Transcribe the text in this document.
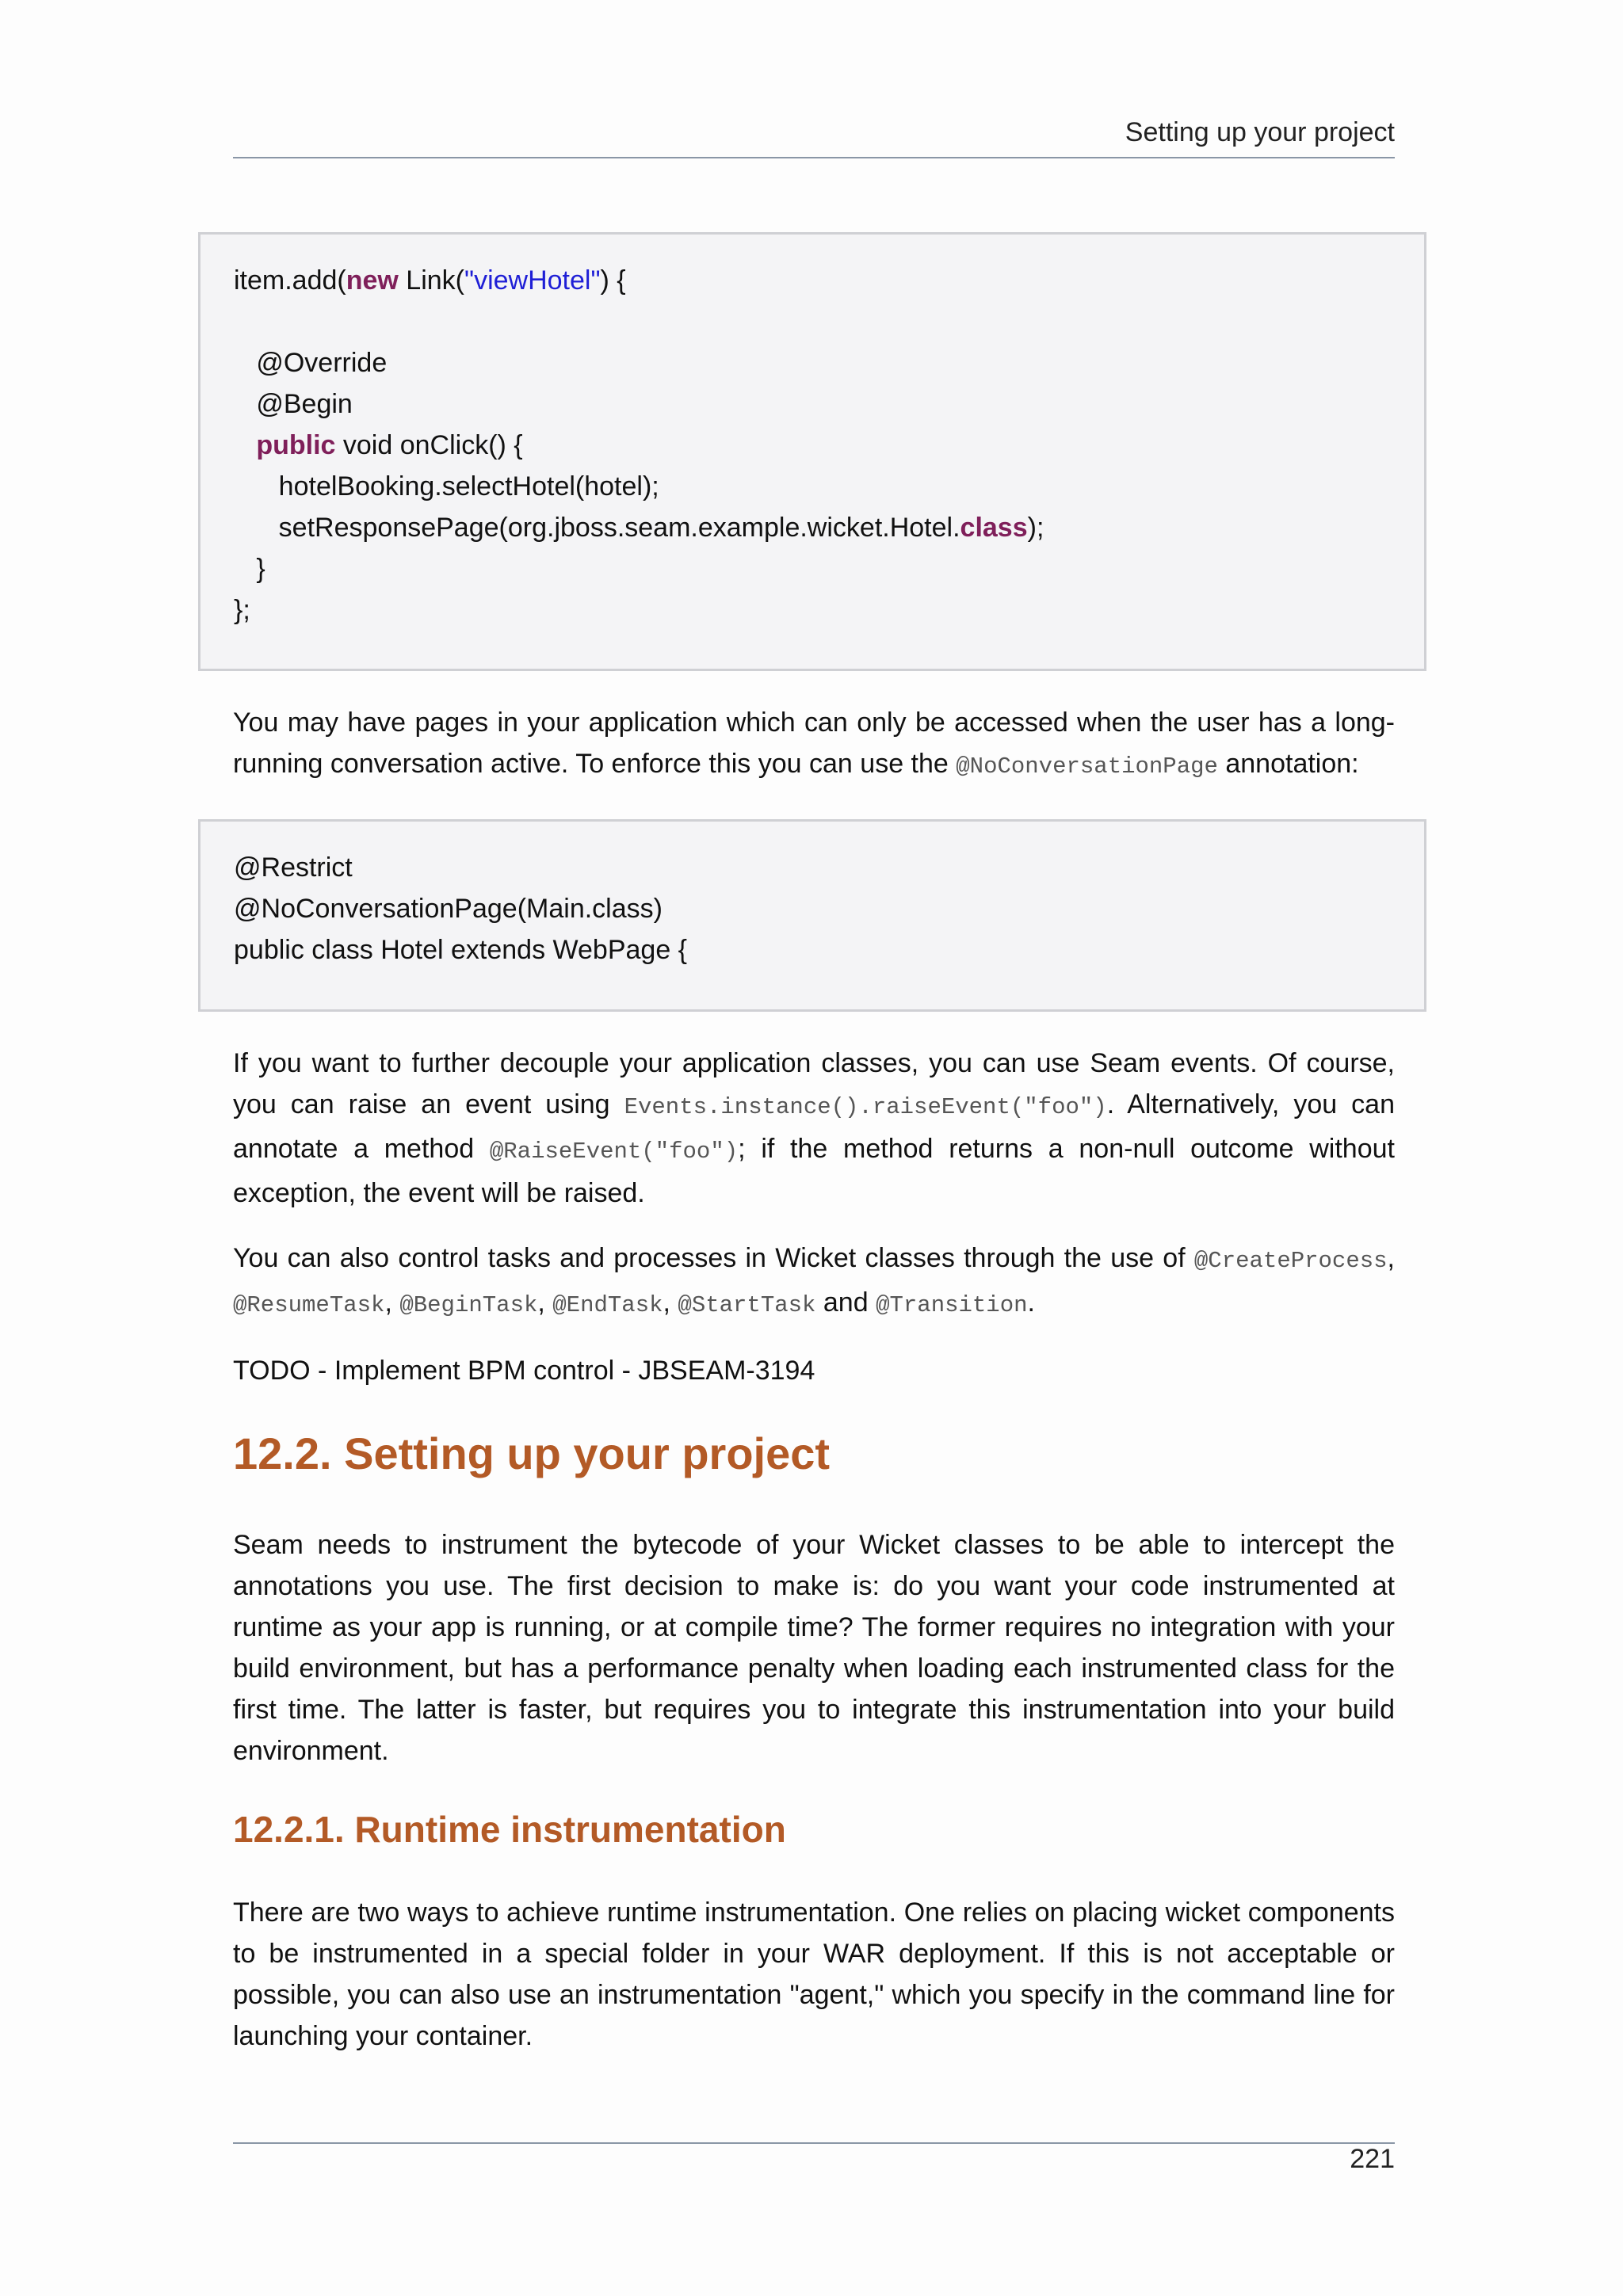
Setting up your project
item.add(new Link("viewHotel") {

@Override
@Begin
public void onClick() {
hotelBooking.selectHotel(hotel);
setResponsePage(org.jboss.seam.example.wicket.Hotel.class);
}
};
You may have pages in your application which can only be accessed when the user has a long-running conversation active. To enforce this you can use the @NoConversationPage annotation:
@Restrict
@NoConversationPage(Main.class)
public class Hotel extends WebPage {
If you want to further decouple your application classes, you can use Seam events. Of course, you can raise an event using Events.instance().raiseEvent("foo"). Alternatively, you can annotate a method @RaiseEvent("foo"); if the method returns a non-null outcome without exception, the event will be raised.
You can also control tasks and processes in Wicket classes through the use of @CreateProcess, @ResumeTask, @BeginTask, @EndTask, @StartTask and @Transition.
TODO - Implement BPM control - JBSEAM-3194
12.2. Setting up your project
Seam needs to instrument the bytecode of your Wicket classes to be able to intercept the annotations you use. The first decision to make is: do you want your code instrumented at runtime as your app is running, or at compile time? The former requires no integration with your build environment, but has a performance penalty when loading each instrumented class for the first time. The latter is faster, but requires you to integrate this instrumentation into your build environment.
12.2.1. Runtime instrumentation
There are two ways to achieve runtime instrumentation. One relies on placing wicket components to be instrumented in a special folder in your WAR deployment. If this is not acceptable or possible, you can also use an instrumentation "agent," which you specify in the command line for launching your container.
221
